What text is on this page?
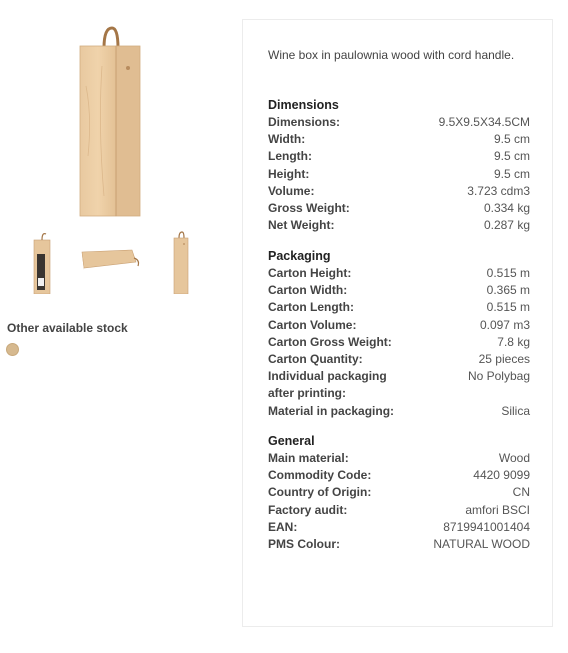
Other available stock
Wine box in paulownia wood with cord handle.
Dimensions
Dimensions:	9.5X9.5X34.5CM
Width:	9.5 cm
Length:	9.5 cm
Height:	9.5 cm
Volume:	3.723 cdm3
Gross Weight:	0.334 kg
Net Weight:	0.287 kg
Packaging
Carton Height:	0.515 m
Carton Width:	0.365 m
Carton Length:	0.515 m
Carton Volume:	0.097 m3
Carton Gross Weight:	7.8 kg
Carton Quantity:	25 pieces
Individual packaging	No Polybag
after printing:
Material in packaging:	Silica
General
Main material:	Wood
Commodity Code:	4420 9099
Country of Origin:	CN
Factory audit:	amfori BSCI
EAN:	8719941001404
PMS Colour:	NATURAL WOOD
